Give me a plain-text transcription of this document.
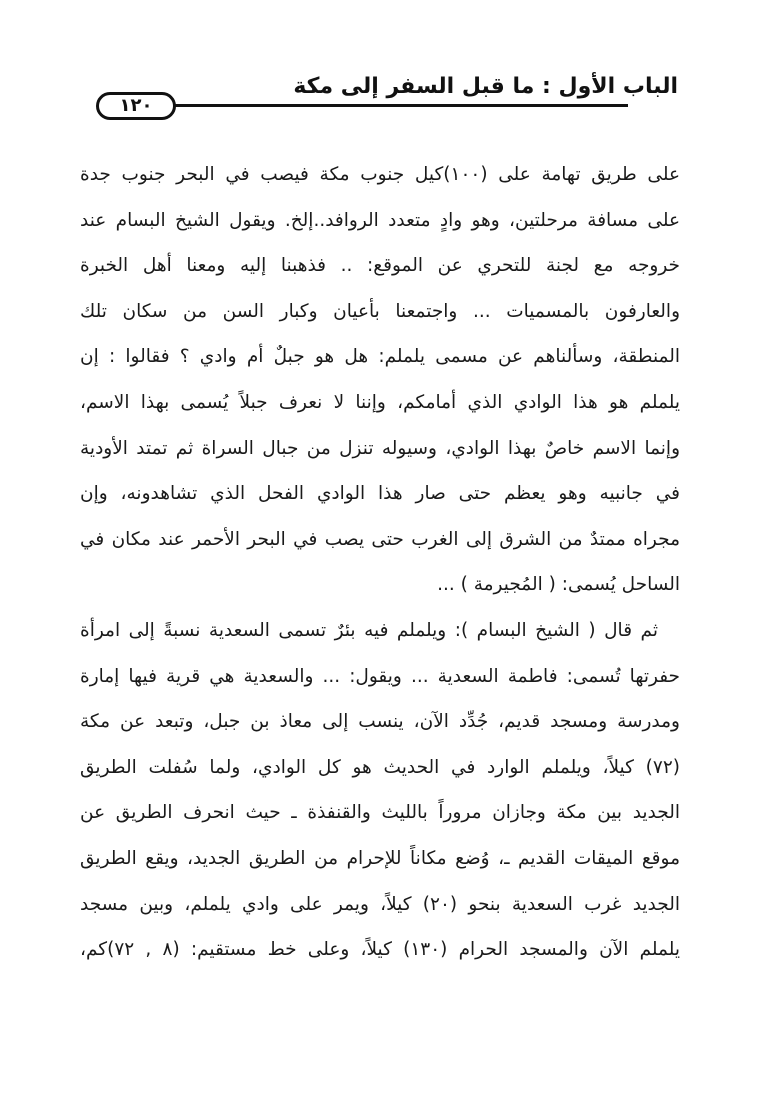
الباب الأول : ما قبل السفر إلى مكة
١٢٠
على طريق تهامة على (١٠٠)كيل جنوب مكة فيصب في البحر جنوب جدة
على مسافة مرحلتين، وهو وادٍ متعدد الروافد..إلخ. ويقول الشيخ البسام عند
خروجه مع لجنة للتحري عن الموقع: .. فذهبنا إليه ومعنا أهل الخبرة
والعارفون بالمسميات ... واجتمعنا بأعيان وكبار السن من سكان تلك
المنطقة، وسألناهم عن مسمى يلملم: هل هو جبلٌ أم وادي ؟ فقالوا : إن
يلملم هو هذا الوادي الذي أمامكم، وإننا لا نعرف جبلاً يُسمى بهذا الاسم،
وإنما الاسم خاصٌ بهذا الوادي، وسيوله تنزل من جبال السراة ثم تمتد الأودية
في جانبيه وهو يعظم حتى صار هذا الوادي الفحل الذي تشاهدونه، وإن
مجراه ممتدٌ من الشرق إلى الغرب حتى يصب في البحر الأحمر عند مكان في
الساحل يُسمى: ( المُجيرمة ) ...
ثم قال ( الشيخ البسام ): ويلملم فيه بئرٌ تسمى السعدية نسبةً إلى امرأة
حفرتها تُسمى: فاطمة السعدية ... ويقول: ... والسعدية هي قرية فيها إمارة
ومدرسة ومسجد قديم، جُدِّد الآن، ينسب إلى معاذ بن جبل، وتبعد عن مكة
(٧٢) كيلاً، ويلملم الوارد في الحديث هو كل الوادي، ولما سُفلت الطريق
الجديد بين مكة وجازان مروراً بالليث والقنفذة ـ حيث انحرف الطريق عن
موقع الميقات القديم ـ، وُضع مكاناً للإحرام من الطريق الجديد، ويقع الطريق
الجديد غرب السعدية بنحو (٢٠) كيلاً، ويمر على وادي يلملم، وبين مسجد
يلملم الآن والمسجد الحرام (١٣٠) كيلاً، وعلى خط مستقيم: (٨ , ٧٢)كم،
